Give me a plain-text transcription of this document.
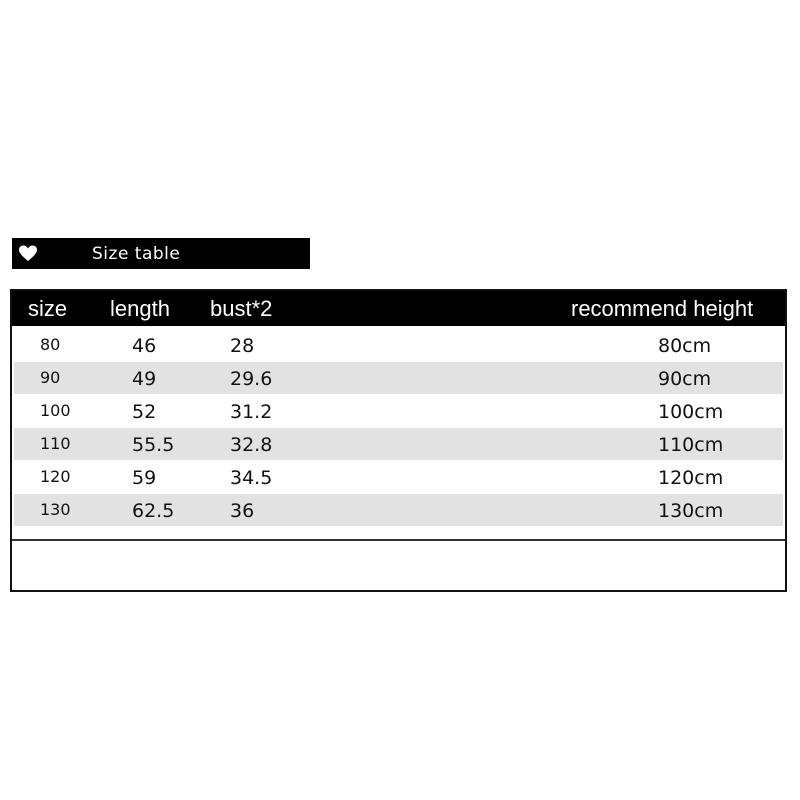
Size table
size length bust*2	recommend height
80	46	28	80cm
90	49	29.6	90cm
100	52	31.2	100cm
110	55.5	32.8	110cm
120	59	34.5	120cm
130	62.5	36	130cm
